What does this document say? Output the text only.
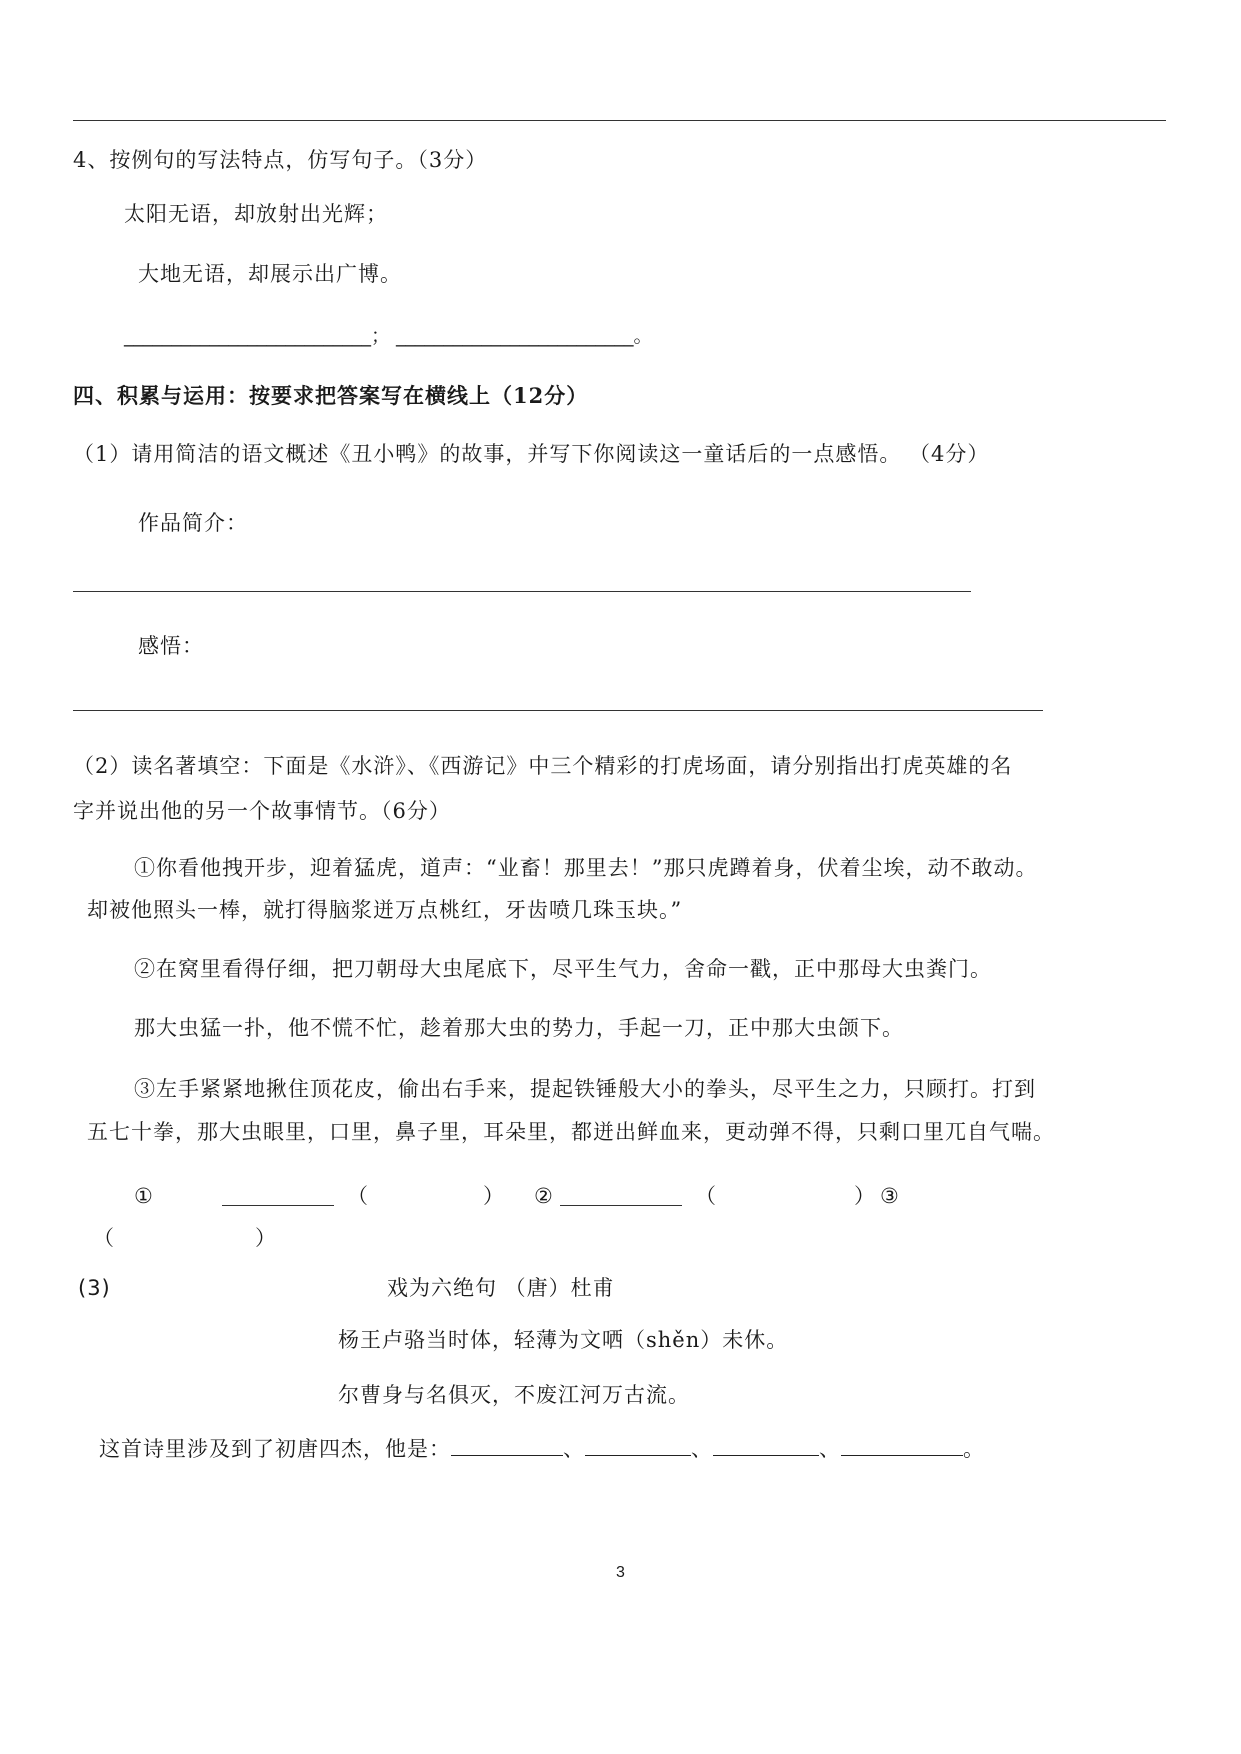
4、按例句的写法特点，仿写句子。（3分）
太阳无语，却放射出光辉；
大地无语，却展示出广博。
__________________________； _________________________。
四、积累与运用：按要求把答案写在横线上（12分）
（1）请用简洁的语文概述《丑小鸭》的故事，并写下你阅读这一童话后的一点感悟。 （4分）
作品简介：
感悟：
（2）读名著填空：下面是《水浒》、《西游记》中三个精彩的打虎场面，请分别指出打虎英雄的名
字并说出他的另一个故事情节。（6分）
①你看他拽开步，迎着猛虎，道声：“业畜！那里去！”那只虎蹲着身，伏着尘埃，动不敢动。
却被他照头一棒，就打得脑浆迸万点桃红，牙齿喷几珠玉块。”
②在窝里看得仔细，把刀朝母大虫尾底下，尽平生气力，舍命一戳，正中那母大虫粪门。
那大虫猛一扑，他不慌不忙，趁着那大虫的势力，手起一刀，正中那大虫颌下。
③左手紧紧地揪住顶花皮，偷出右手来，提起铁锤般大小的拳头，尽平生之力，只顾打。打到
五七十拳，那大虫眼里，口里，鼻子里，耳朵里，都迸出鲜血来，更动弹不得，只剩口里兀自气喘。
①	（	） ②	（	） ③
（	）
(3)	戏为六绝句 （唐）杜甫
杨王卢骆当时体，轻薄为文哂（shěn）未休。
尔曹身与名俱灭，不废江河万古流。
这首诗里涉及到了初唐四杰，他是：	、	、	、	。
3
